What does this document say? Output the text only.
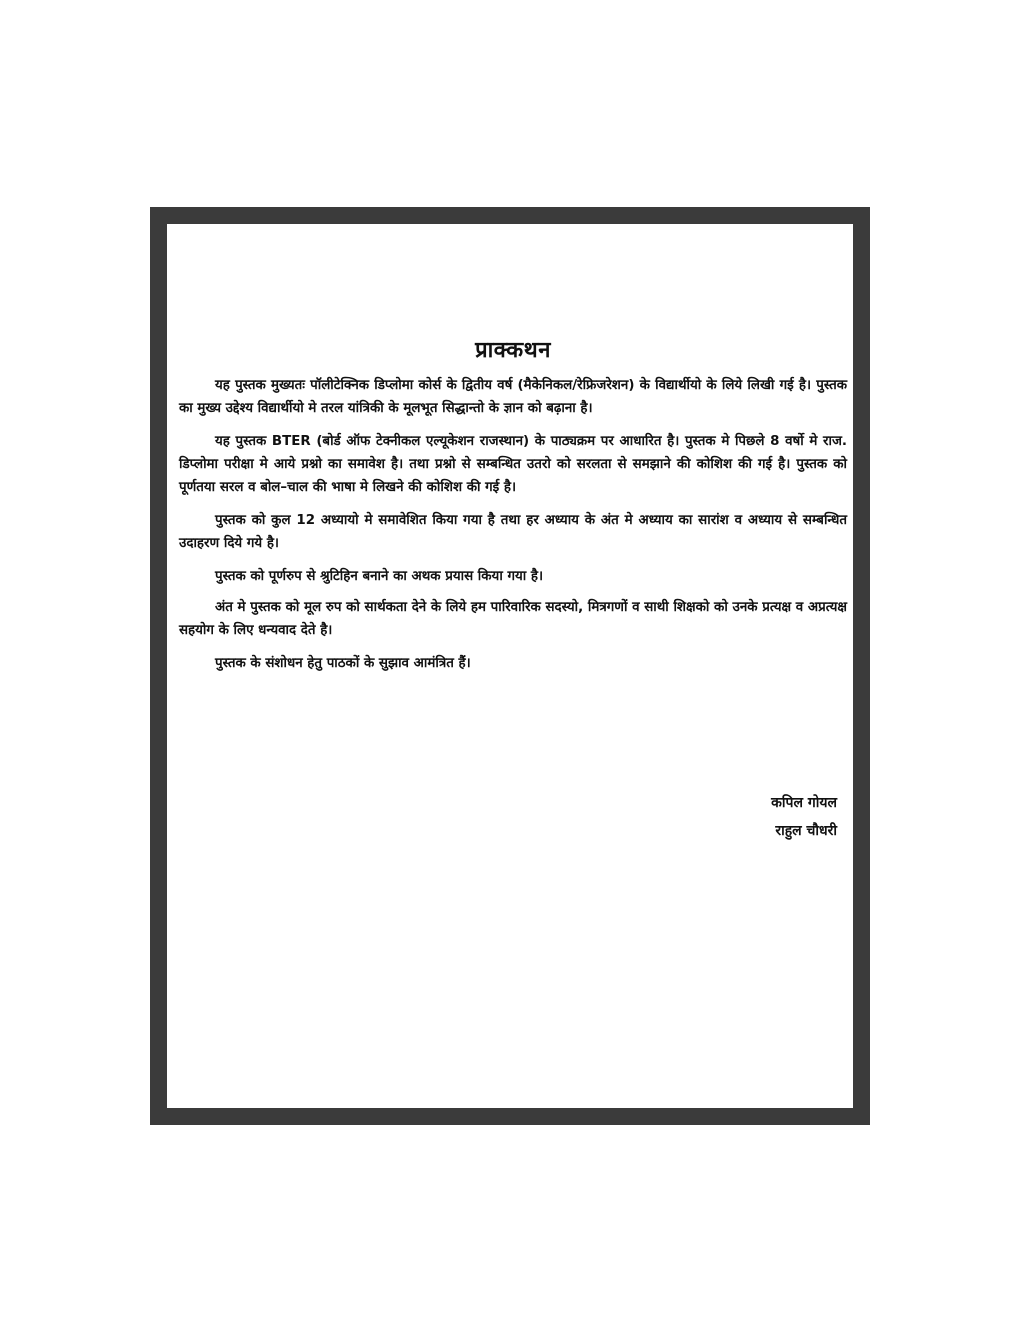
प्राक्कथन

यह पुस्तक मुख्यतः पॉलीटेक्निक डिप्लोमा कोर्स के द्वितीय वर्ष (मैकेनिकल/रेफ्रिजरेशन) के विद्यार्थीयो के लिये लिखी गई है। पुस्तक का मुख्य उद्देश्य विद्यार्थीयो मे तरल यांत्रिकी के मूलभूत सिद्धान्तो के ज्ञान को बढ़ाना है।

यह पुस्तक BTER (बोर्ड ऑफ टेक्नीकल एल्यूकेशन राजस्थान) के पाठ्यक्रम पर आधारित है। पुस्तक मे पिछले 8 वर्षो मे राज. डिप्लोमा परीक्षा मे आये प्रश्नो का समावेश है। तथा प्रश्नो से सम्बन्धित उतरो को सरलता से समझाने की कोशिश की गई है। पुस्तक को पूर्णतया सरल व बोल–चाल की भाषा मे लिखने की कोशिश की गई है।

पुस्तक को कुल 12 अध्यायो मे समावेशित किया गया है तथा हर अध्याय के अंत मे अध्याय का सारांश व अध्याय से सम्बन्धित उदाहरण दिये गये है।

पुस्तक को पूर्णरुप से श्रुटिहिन बनाने का अथक प्रयास किया गया है।

अंत मे पुस्तक को मूल रुप को सार्थकता देने के लिये हम पारिवारिक सदस्यो, मित्रगणों व साथी शिक्षको को उनके प्रत्यक्ष व अप्रत्यक्ष सहयोग के लिए धन्यवाद देते है।

पुस्तक के संशोधन हेतु पाठकों के सुझाव आमंत्रित हैं।

कपिल गोयल
राहुल चौधरी
